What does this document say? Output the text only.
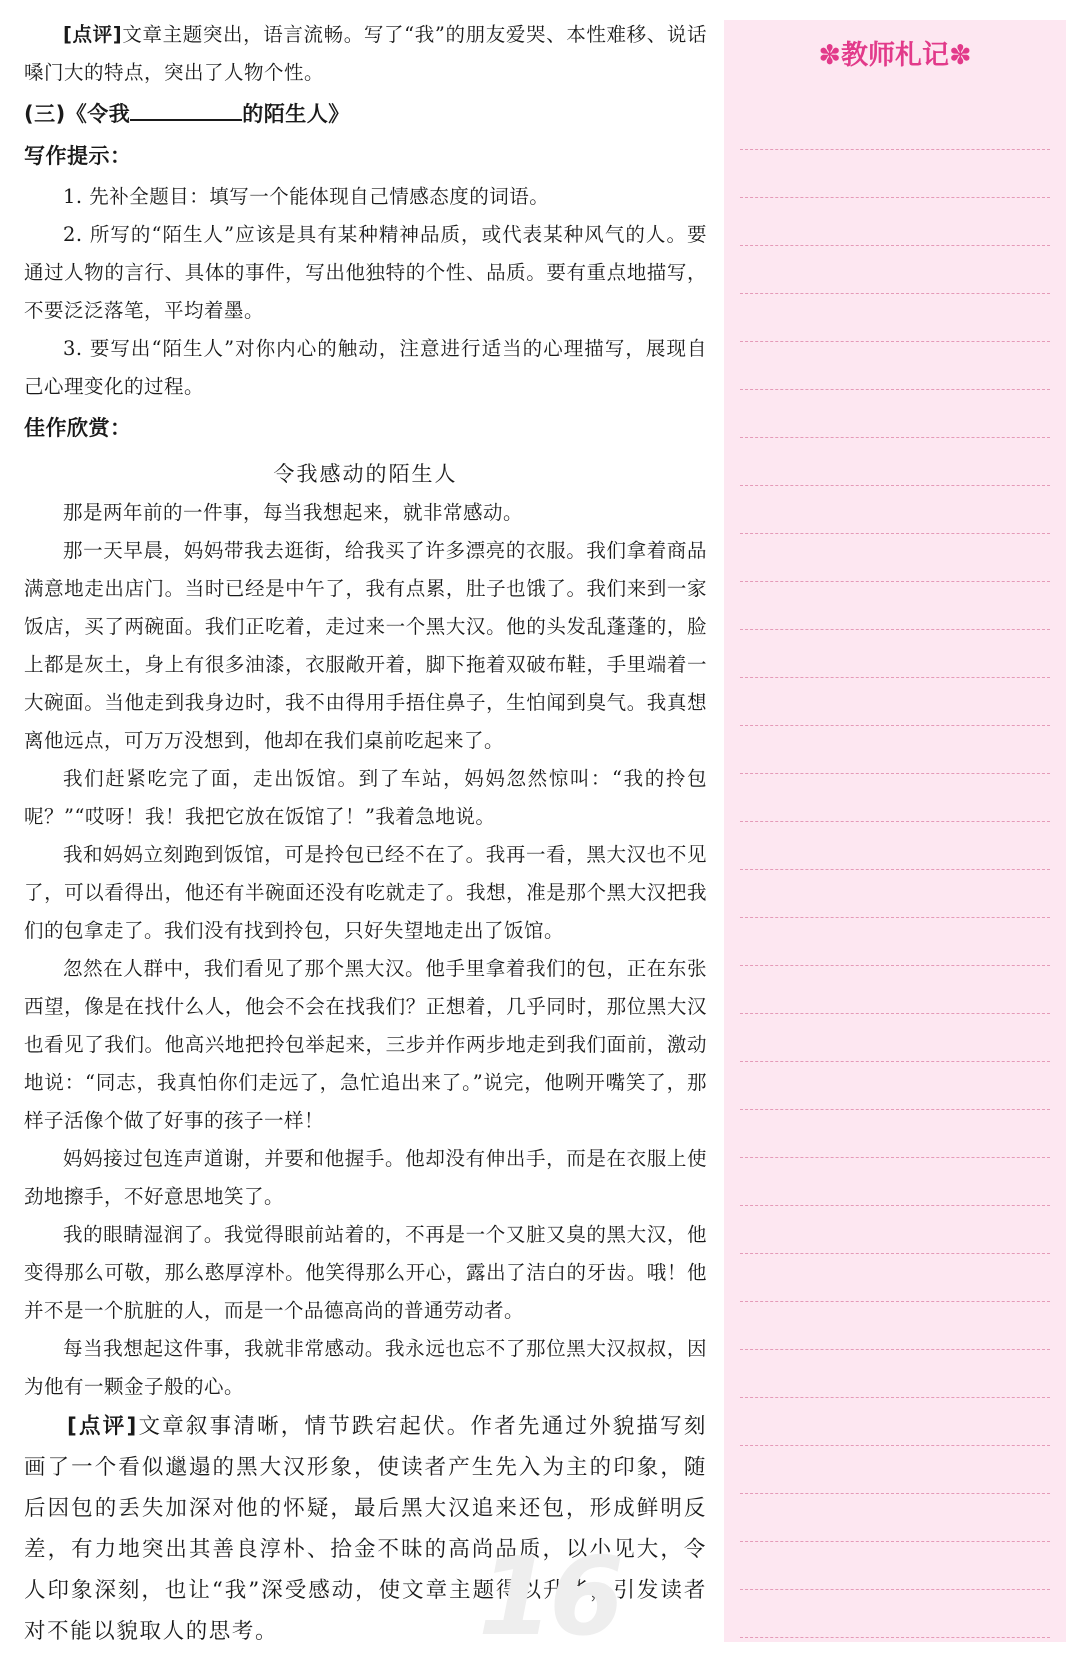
[点评]文章主题突出，语言流畅。写了“我”的朋友爱哭、本性难移、说话嗓门大的特点，突出了人物个性。

(三)《令我	的陌生人》
写作提示：

1. 先补全题目：填写一个能体现自己情感态度的词语。

2. 所写的“陌生人”应该是具有某种精神品质，或代表某种风气的人。要通过人物的言行、具体的事件，写出他独特的个性、品质。要有重点地描写，不要泛泛落笔，平均着墨。

3. 要写出“陌生人”对你内心的触动，注意进行适当的心理描写，展现自己心理变化的过程。

佳作欣赏：
令我感动的陌生人

那是两年前的一件事，每当我想起来，就非常感动。

那一天早晨，妈妈带我去逛街，给我买了许多漂亮的衣服。我们拿着商品满意地走出店门。当时已经是中午了，我有点累，肚子也饿了。我们来到一家饭店，买了两碗面。我们正吃着，走过来一个黑大汉。他的头发乱蓬蓬的，脸上都是灰土，身上有很多油漆，衣服敞开着，脚下拖着双破布鞋，手里端着一大碗面。当他走到我身边时，我不由得用手捂住鼻子，生怕闻到臭气。我真想离他远点，可万万没想到，他却在我们桌前吃起来了。

我们赶紧吃完了面，走出饭馆。到了车站，妈妈忽然惊叫：“我的拎包呢？”“哎呀！我！我把它放在饭馆了！”我着急地说。

我和妈妈立刻跑到饭馆，可是拎包已经不在了。我再一看，黑大汉也不见了，可以看得出，他还有半碗面还没有吃就走了。我想，准是那个黑大汉把我们的包拿走了。我们没有找到拎包，只好失望地走出了饭馆。

忽然在人群中，我们看见了那个黑大汉。他手里拿着我们的包，正在东张西望，像是在找什么人，他会不会在找我们？正想着，几乎同时，那位黑大汉也看见了我们。他高兴地把拎包举起来，三步并作两步地走到我们面前，激动地说：“同志，我真怕你们走远了，急忙追出来了。”说完，他咧开嘴笑了，那样子活像个做了好事的孩子一样！

妈妈接过包连声道谢，并要和他握手。他却没有伸出手，而是在衣服上使劲地擦手，不好意思地笑了。

我的眼睛湿润了。我觉得眼前站着的，不再是一个又脏又臭的黑大汉，他变得那么可敬，那么憨厚淳朴。他笑得那么开心，露出了洁白的牙齿。哦！他并不是一个肮脏的人，而是一个品德高尚的普通劳动者。

每当我想起这件事，我就非常感动。我永远也忘不了那位黑大汉叔叔，因为他有一颗金子般的心。

[点评]文章叙事清晰，情节跌宕起伏。作者先通过外貌描写刻画了一个看似邋遢的黑大汉形象，使读者产生先入为主的印象，随后因包的丢失加深对他的怀疑，最后黑大汉追来还包，形成鲜明反差，有力地突出其善良淳朴、拾金不昧的高尚品质，以小见大，令人印象深刻，也让“我”深受感动，使文章主题得以升华，引发读者对不能以貌取人的思考。	16
✽教师札记✽
